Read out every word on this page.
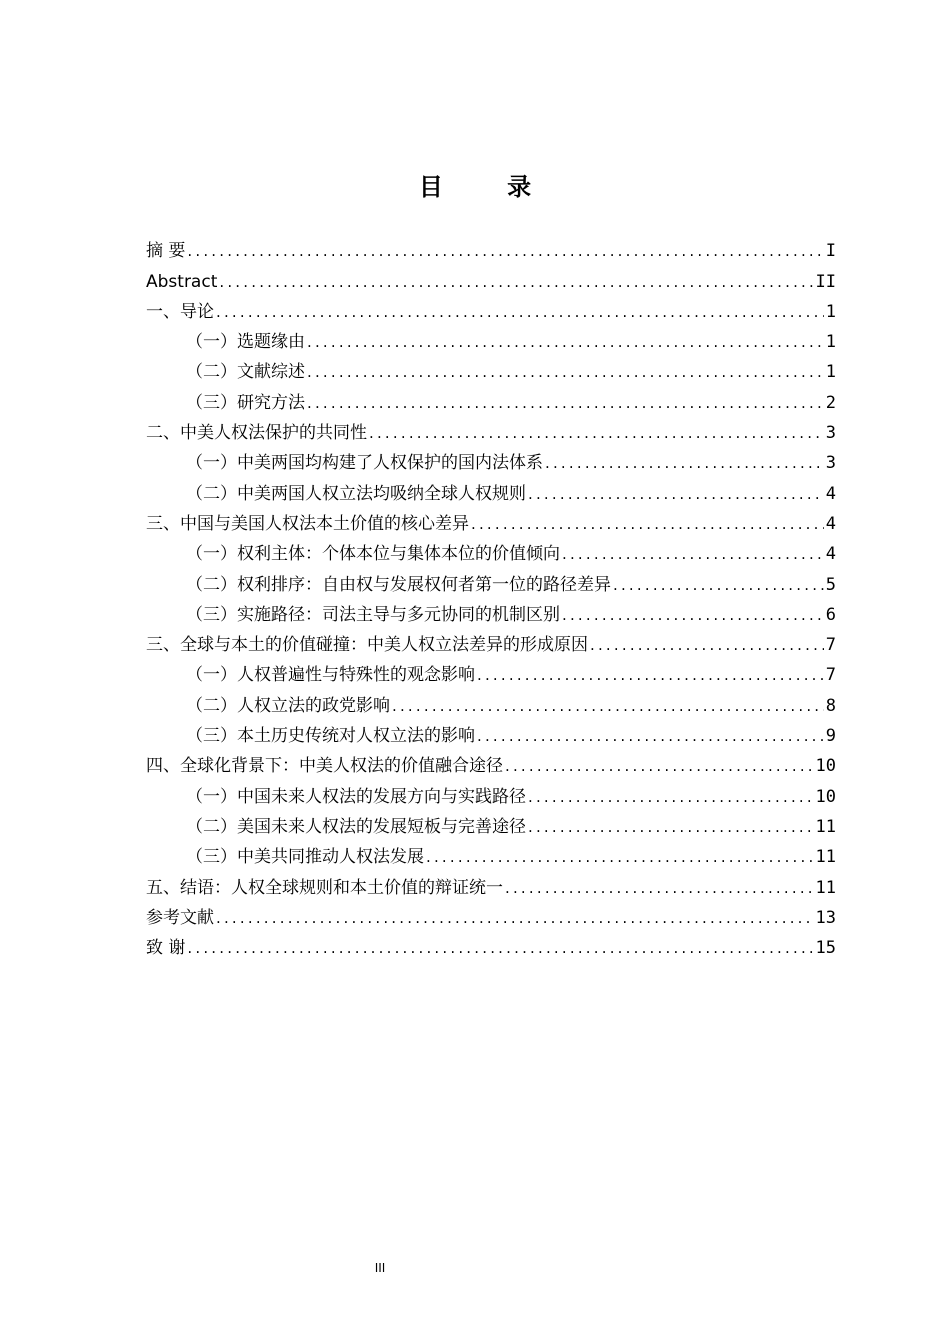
目 录
摘 要 .....	I
Abstract .....	II
一、导论 .....	1
（一）选题缘由 .....	1
（二）文献综述 .....	1
（三）研究方法 .....	2
二、中美人权法保护的共同性 .....	3
（一）中美两国均构建了人权保护的国内法体系 .....	3
（二）中美两国人权立法均吸纳全球人权规则 .....	4
三、中国与美国人权法本土价值的核心差异 .....	4
（一）权利主体：个体本位与集体本位的价值倾向 .....	4
（二）权利排序：自由权与发展权何者第一位的路径差异 .....	5
（三）实施路径：司法主导与多元协同的机制区别 .....	6
三、全球与本土的价值碰撞：中美人权立法差异的形成原因 .....	7
（一）人权普遍性与特殊性的观念影响 .....	7
（二）人权立法的政党影响 .....	8
（三）本土历史传统对人权立法的影响 .....	9
四、全球化背景下：中美人权法的价值融合途径 .....	10
（一）中国未来人权法的发展方向与实践路径 .....	10
（二）美国未来人权法的发展短板与完善途径 .....	11
（三）中美共同推动人权法发展 .....	11
五、结语：人权全球规则和本土价值的辩证统一 .....	11
参考文献 .....	13
致 谢 .....	15
III
